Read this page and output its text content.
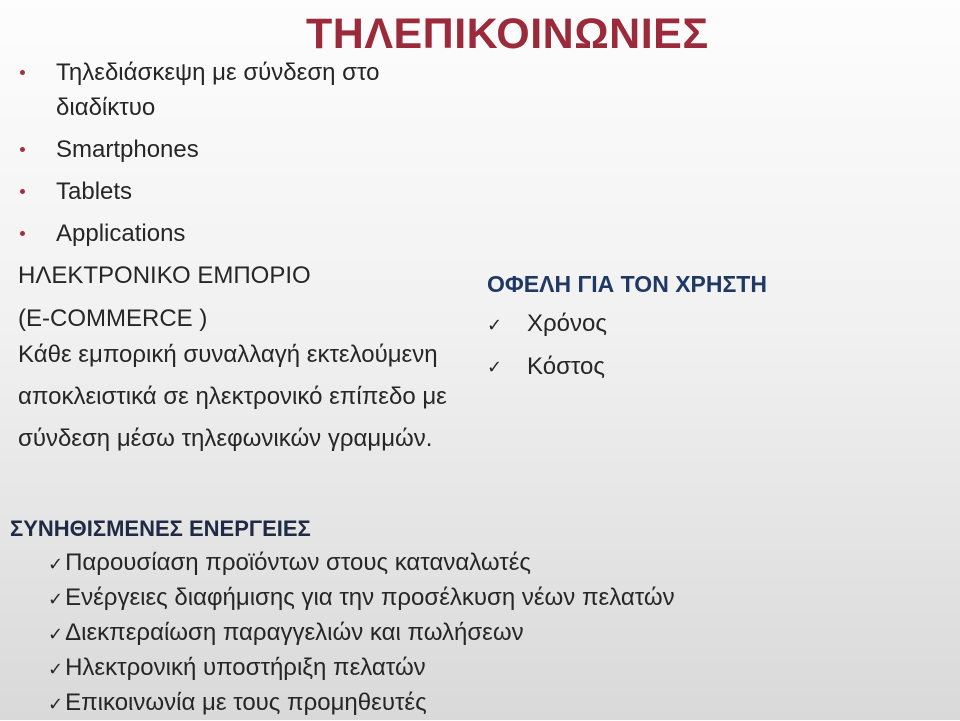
ΤΗΛΕΠΙΚΟΙΝΩΝΙΕΣ
Τηλεδιάσκεψη με σύνδεση στο διαδίκτυο
Smartphones
Tablets
Applications
ΗΛΕΚΤΡΟΝΙΚΟ ΕΜΠΟΡΙΟ
(E-COMMERCE )

Κάθε εμπορική συναλλαγή εκτελούμενη αποκλειστικά σε ηλεκτρονικό επίπεδο με σύνδεση μέσω τηλεφωνικών γραμμών.

ΟΦΕΛΗ ΓΙΑ ΤΟΝ ΧΡΗΣΤΗ
✓ Χρόνος
✓ Κόστος
ΣΥΝΗΘΙΣΜΕΝΕΣ ΕΝΕΡΓΕΙΕΣ
✓Παρουσίαση προϊόντων στους καταναλωτές
✓Ενέργειες διαφήμισης για την προσέλκυση νέων πελατών
✓Διεκπεραίωση παραγγελιών και πωλήσεων
✓Ηλεκτρονική υποστήριξη πελατών
✓Επικοινωνία με τους προμηθευτές
